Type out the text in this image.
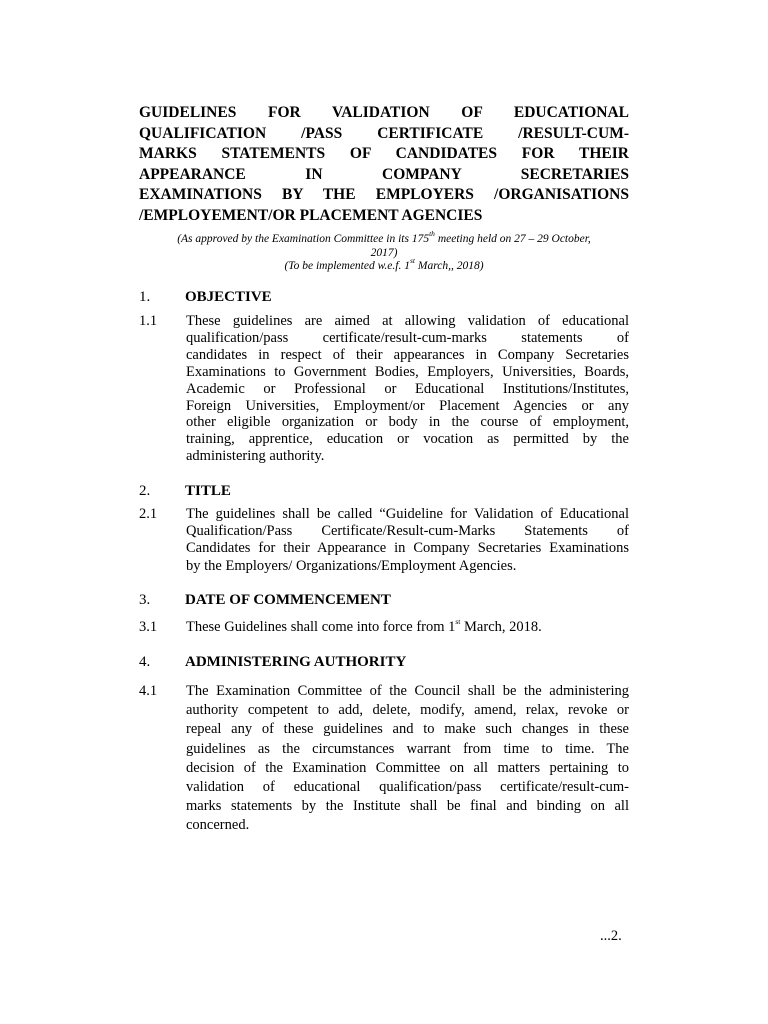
GUIDELINES FOR VALIDATION OF EDUCATIONAL
QUALIFICATION /PASS CERTIFICATE /RESULT-CUM-
MARKS STATEMENTS OF CANDIDATES FOR THEIR
APPEARANCE IN COMPANY SECRETARIES
EXAMINATIONS BY THE EMPLOYERS /ORGANISATIONS
/EMPLOYEMENT/OR PLACEMENT AGENCIES
(As approved by the Examination Committee in its 175th meeting held on 27 – 29 October,
2017)
(To be implemented w.e.f. 1st March,, 2018)
1. OBJECTIVE
1.1 These guidelines are aimed at allowing validation of educational
qualification/pass certificate/result-cum-marks statements of
candidates in respect of their appearances in Company Secretaries
Examinations to Government Bodies, Employers, Universities, Boards,
Academic or Professional or Educational Institutions/Institutes,
Foreign Universities, Employment/or Placement Agencies or any
other eligible organization or body in the course of employment,
training, apprentice, education or vocation as permitted by the
administering authority.
2. TITLE
2.1 The guidelines shall be called “Guideline for Validation of Educational
Qualification/Pass Certificate/Result-cum-Marks Statements of
Candidates for their Appearance in Company Secretaries Examinations
by the Employers/ Organizations/Employment Agencies.
3. DATE OF COMMENCEMENT
3.1 These Guidelines shall come into force from 1st March, 2018.
4. ADMINISTERING AUTHORITY
4.1 The Examination Committee of the Council shall be the administering
authority competent to add, delete, modify, amend, relax, revoke or
repeal any of these guidelines and to make such changes in these
guidelines as the circumstances warrant from time to time. The
decision of the Examination Committee on all matters pertaining to
validation of educational qualification/pass certificate/result-cum-
marks statements by the Institute shall be final and binding on all
concerned.
...2.
